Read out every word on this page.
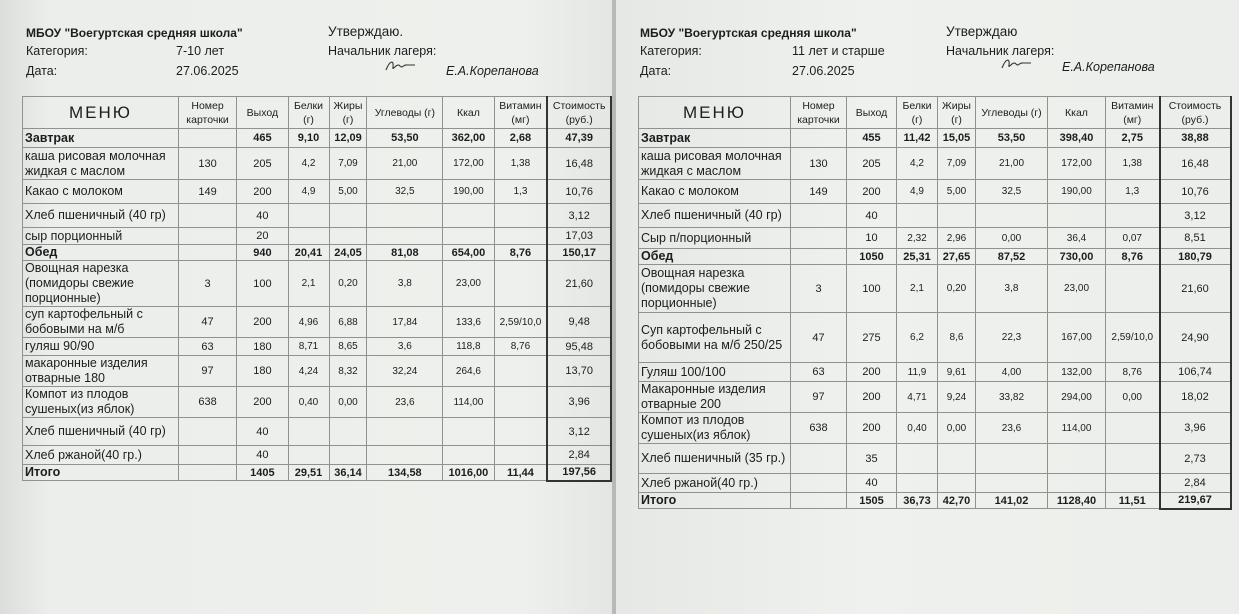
МБОУ "Воегуртская средняя школа"
Категория:	7-10 лет
Дата:	27.06.2025
Утверждаю.
Начальник лагеря:
Е.А.Корепанова
МЕНЮ	Номер карточки	Выход	Белки (г)	Жиры (г)	Углеводы (г)	Ккал	Витамин (мг)	Стоимость (руб.)
Завтрак		465	9,10	12,09	53,50	362,00	2,68	47,39
каша рисовая молочная жидкая с маслом	130	205	4,2	7,09	21,00	172,00	1,38	16,48
Какао с молоком	149	200	4,9	5,00	32,5	190,00	1,3	10,76
Хлеб пшеничный (40 гр)		40						3,12
сыр порционный		20						17,03
Обед		940	20,41	24,05	81,08	654,00	8,76	150,17
Овощная нарезка (помидоры свежие порционные)	3	100	2,1	0,20	3,8	23,00		21,60
суп картофельный с бобовыми на м/б	47	200	4,96	6,88	17,84	133,6	2,59/10,0	9,48
гуляш 90/90	63	180	8,71	8,65	3,6	118,8	8,76	95,48
макаронные изделия отварные 180	97	180	4,24	8,32	32,24	264,6		13,70
Компот из плодов сушеных(из яблок)	638	200	0,40	0,00	23,6	114,00		3,96
Хлеб пшеничный (40 гр)		40						3,12
Хлеб ржаной(40 гр.)		40						2,84
Итого		1405	29,51	36,14	134,58	1016,00	11,44	197,56
МБОУ "Воегуртская средняя школа"
Категория:	11 лет и старше
Дата:	27.06.2025
Утверждаю
Начальник лагеря:
Е.А.Корепанова
МЕНЮ	Номер карточки	Выход	Белки (г)	Жиры (г)	Углеводы (г)	Ккал	Витамин (мг)	Стоимость (руб.)
Завтрак		455	11,42	15,05	53,50	398,40	2,75	38,88
каша рисовая молочная жидкая с маслом	130	205	4,2	7,09	21,00	172,00	1,38	16,48
Какао с молоком	149	200	4,9	5,00	32,5	190,00	1,3	10,76
Хлеб пшеничный (40 гр)		40						3,12
Сыр п/порционный		10	2,32	2,96	0,00	36,4	0,07	8,51
Обед		1050	25,31	27,65	87,52	730,00	8,76	180,79
Овощная нарезка (помидоры свежие порционные)	3	100	2,1	0,20	3,8	23,00		21,60
Суп картофельный с бобовыми на м/б 250/25	47	275	6,2	8,6	22,3	167,00	2,59/10,0	24,90
Гуляш 100/100	63	200	11,9	9,61	4,00	132,00	8,76	106,74
Макаронные изделия отварные 200	97	200	4,71	9,24	33,82	294,00	0,00	18,02
Компот из плодов сушеных(из яблок)	638	200	0,40	0,00	23,6	114,00		3,96
Хлеб пшеничный (35 гр.)		35						2,73
Хлеб ржаной(40 гр.)		40						2,84
Итого		1505	36,73	42,70	141,02	1128,40	11,51	219,67
